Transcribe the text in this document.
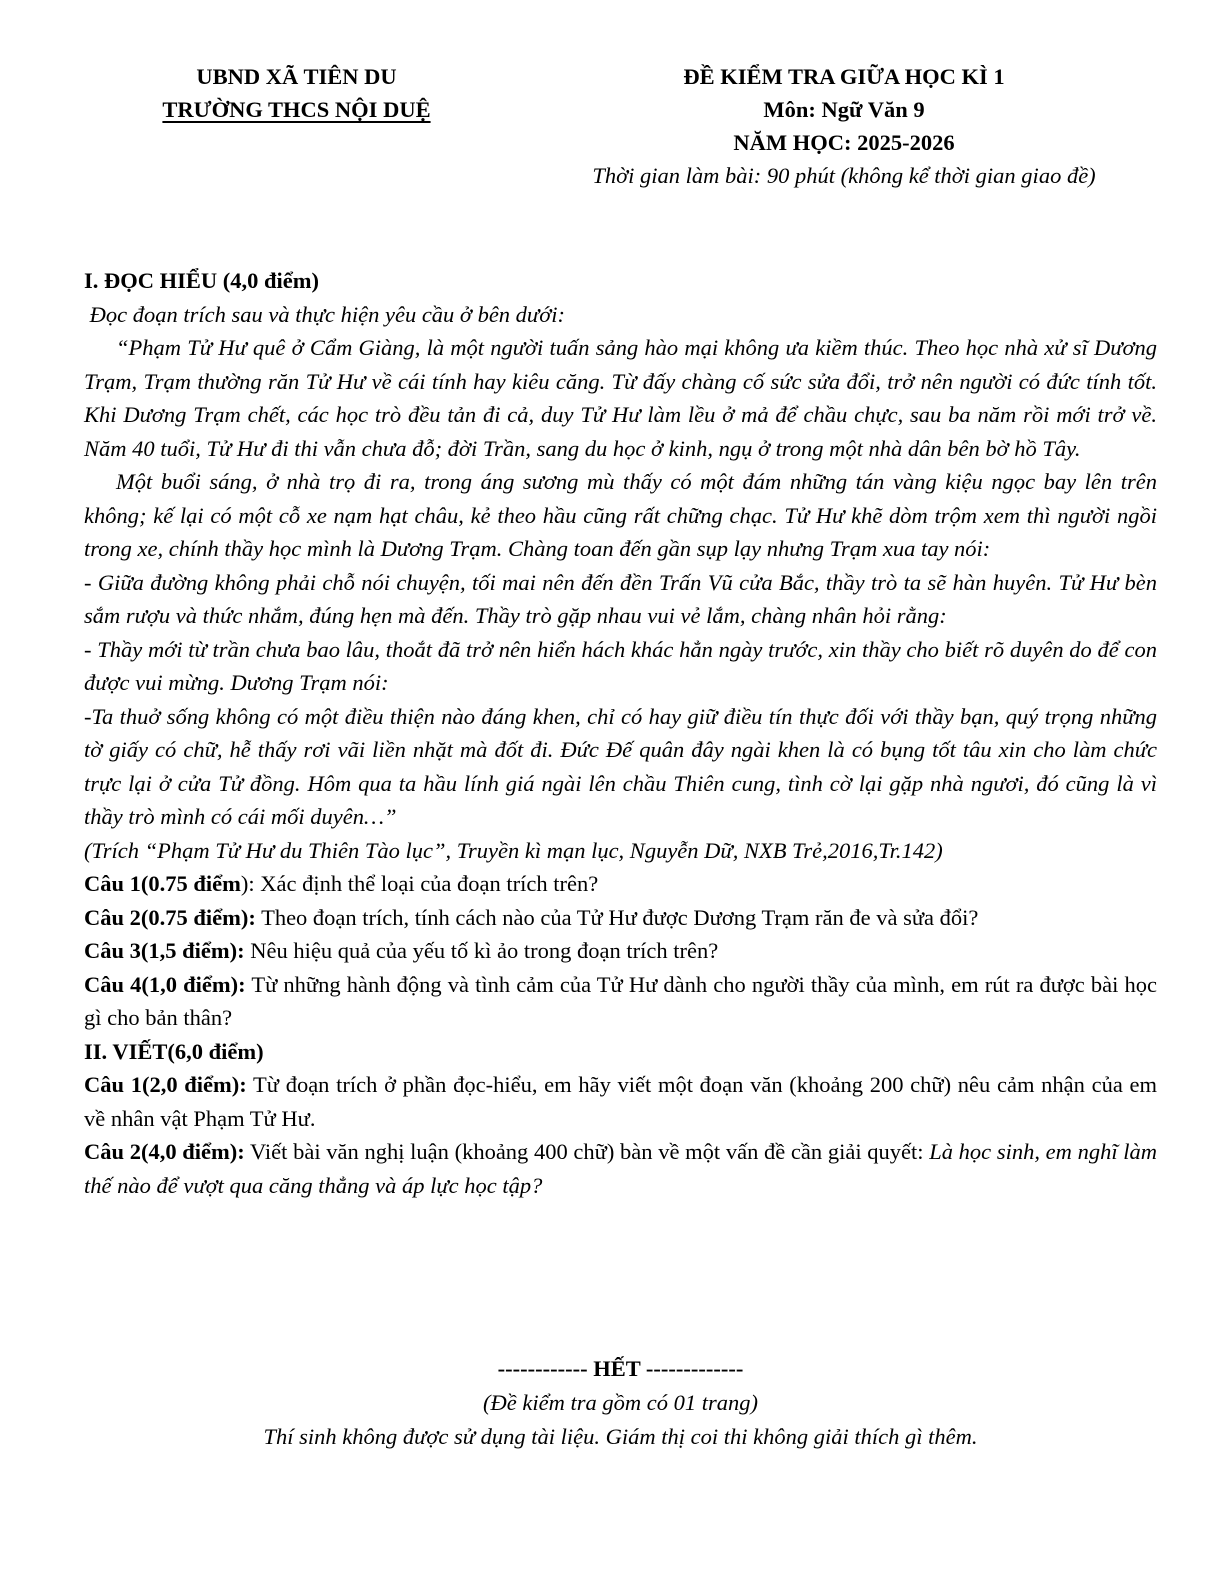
UBND XÃ TIÊN DU
TRƯỜNG THCS NỘI DUỆ
ĐỀ KIỂM TRA GIỮA HỌC KÌ 1
Môn: Ngữ Văn 9
NĂM HỌC: 2025-2026
Thời gian làm bài: 90 phút (không kể thời gian giao đề)

I. ĐỌC HIỂU (4,0 điểm)

Đọc đoạn trích sau và thực hiện yêu cầu ở bên dưới:

“Phạm Tử Hư quê ở Cẩm Giàng, là một người tuấn sảng hào mại không ưa kiềm thúc. Theo học nhà xử sĩ Dương Trạm, Trạm thường răn Tử Hư về cái tính hay kiêu căng. Từ đấy chàng cố sức sửa đổi, trở nên người có đức tính tốt. Khi Dương Trạm chết, các học trò đều tản đi cả, duy Tử Hư làm lều ở mả để chầu chực, sau ba năm rồi mới trở về. Năm 40 tuổi, Tử Hư đi thi vẫn chưa đỗ; đời Trần, sang du học ở kinh, ngụ ở trong một nhà dân bên bờ hồ Tây.

Một buổi sáng, ở nhà trọ đi ra, trong áng sương mù thấy có một đám những tán vàng kiệu ngọc bay lên trên không; kế lại có một cỗ xe nạm hạt châu, kẻ theo hầu cũng rất chững chạc. Tử Hư khẽ dòm trộm xem thì người ngồi trong xe, chính thầy học mình là Dương Trạm. Chàng toan đến gần sụp lạy nhưng Trạm xua tay nói:

- Giữa đường không phải chỗ nói chuyện, tối mai nên đến đền Trấn Vũ cửa Bắc, thầy trò ta sẽ hàn huyên. Tử Hư bèn sắm rượu và thức nhắm, đúng hẹn mà đến. Thầy trò gặp nhau vui vẻ lắm, chàng nhân hỏi rằng:

- Thầy mới từ trần chưa bao lâu, thoắt đã trở nên hiển hách khác hẳn ngày trước, xin thầy cho biết rõ duyên do để con được vui mừng. Dương Trạm nói:

-Ta thuở sống không có một điều thiện nào đáng khen, chỉ có hay giữ điều tín thực đối với thầy bạn, quý trọng những tờ giấy có chữ, hễ thấy rơi vãi liền nhặt mà đốt đi. Đức Đế quân đây ngài khen là có bụng tốt tâu xin cho làm chức trực lại ở cửa Tử đồng. Hôm qua ta hầu lính giá ngài lên chầu Thiên cung, tình cờ lại gặp nhà ngươi, đó cũng là vì thầy trò mình có cái mối duyên…”

(Trích “Phạm Tử Hư du Thiên Tào lục”, Truyền kì mạn lục, Nguyễn Dữ, NXB Trẻ,2016,Tr.142)

Câu 1(0.75 điểm): Xác định thể loại của đoạn trích trên?

Câu 2(0.75 điểm): Theo đoạn trích, tính cách nào của Tử Hư được Dương Trạm răn đe và sửa đổi?

Câu 3(1,5 điểm): Nêu hiệu quả của yếu tố kì ảo trong đoạn trích trên?

Câu 4(1,0 điểm): Từ những hành động và tình cảm của Tử Hư dành cho người thầy của mình, em rút ra được bài học gì cho bản thân?

II. VIẾT(6,0 điểm)

Câu 1(2,0 điểm): Từ đoạn trích ở phần đọc-hiểu, em hãy viết một đoạn văn (khoảng 200 chữ) nêu cảm nhận của em về nhân vật Phạm Tử Hư.

Câu 2(4,0 điểm): Viết bài văn nghị luận (khoảng 400 chữ) bàn về một vấn đề cần giải quyết: Là học sinh, em nghĩ làm thế nào để vượt qua căng thẳng và áp lực học tập?

------------ HẾT -------------
(Đề kiểm tra gồm có 01 trang)
Thí sinh không được sử dụng tài liệu. Giám thị coi thi không giải thích gì thêm.
